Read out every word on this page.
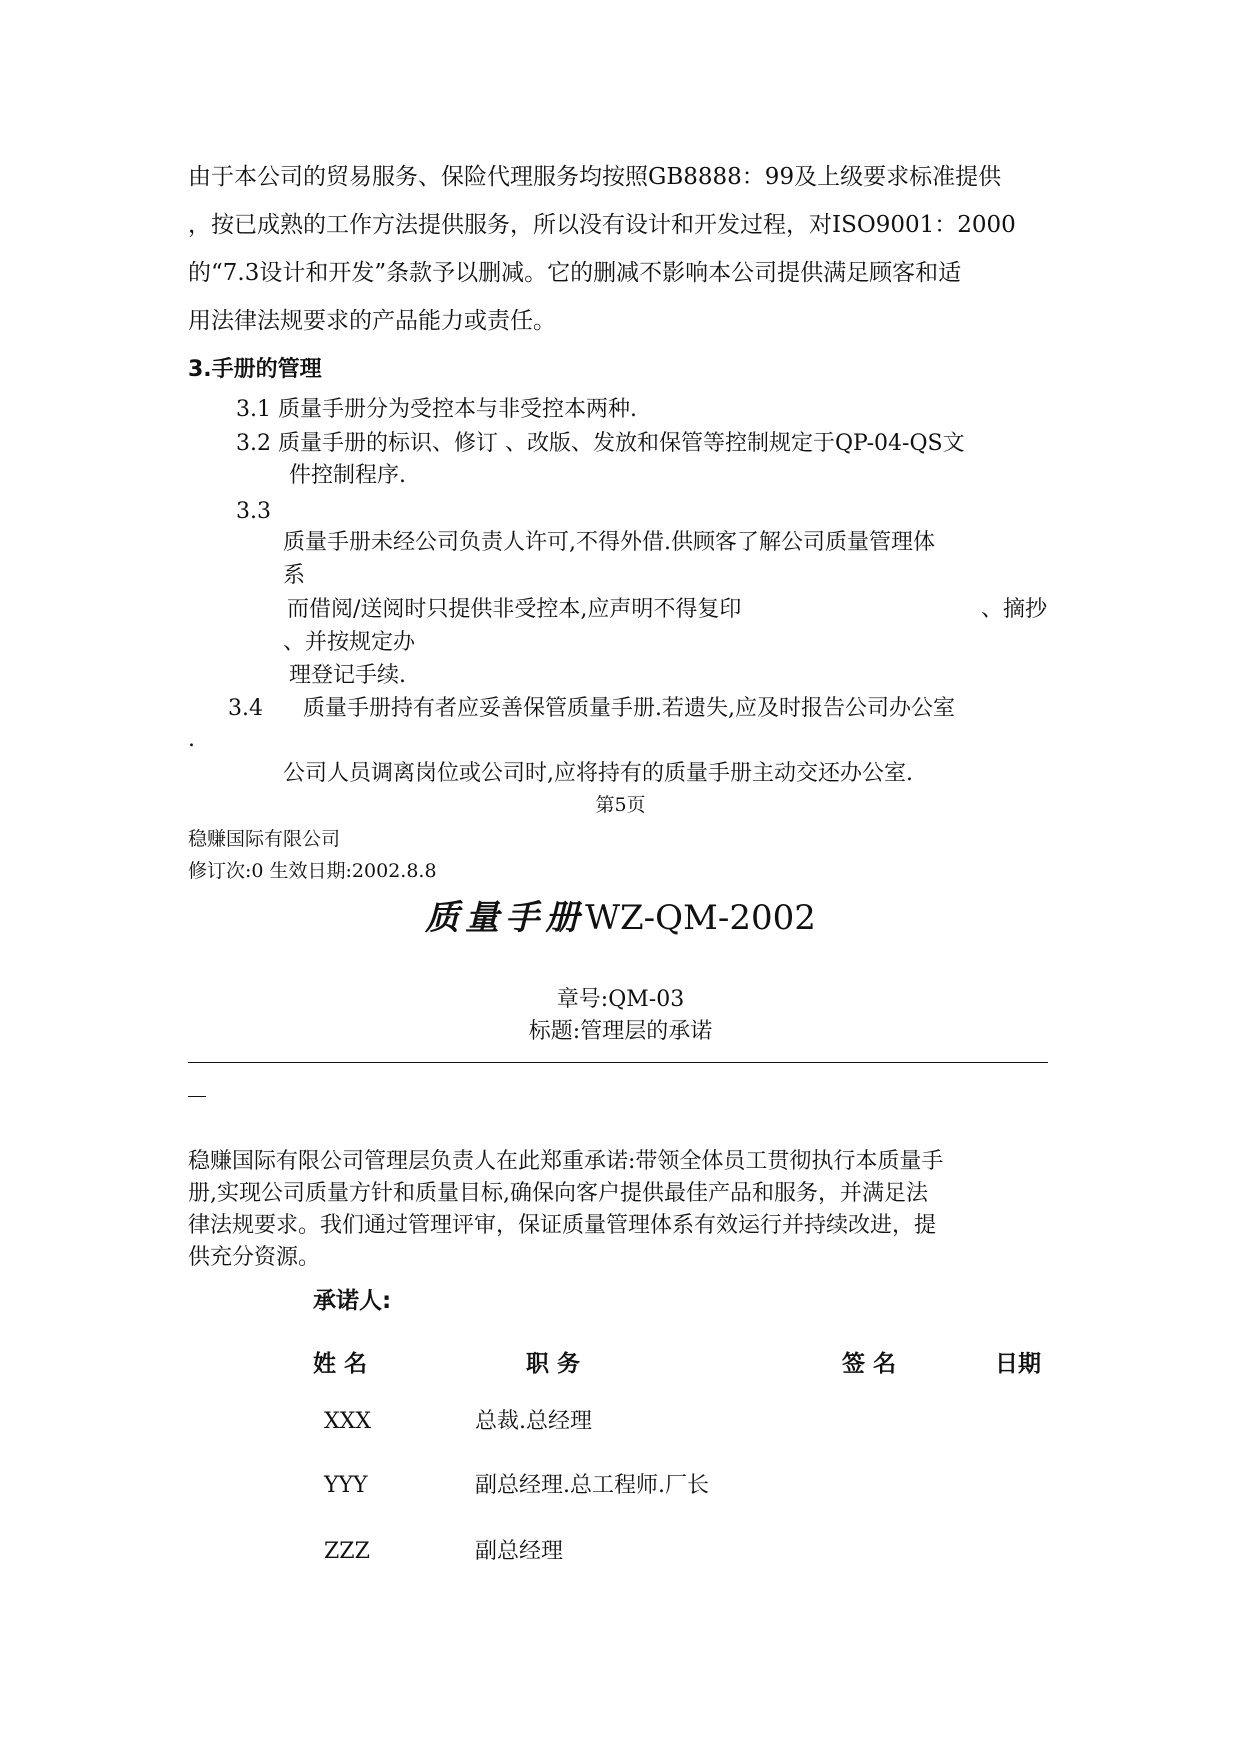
由于本公司的贸易服务、保险代理服务均按照GB8888：99及上级要求标准提供
，按已成熟的工作方法提供服务，所以没有设计和开发过程，对ISO9001：2000
的“7.3设计和开发”条款予以删减。它的删减不影响本公司提供满足顾客和适
用法律法规要求的产品能力或责任。
3.手册的管理
3.1 质量手册分为受控本与非受控本两种.
3.2 质量手册的标识、修订 、改版、发放和保管等控制规定于QP-04-QS文
件控制程序.
3.3
质量手册未经公司负责人许可,不得外借.供顾客了解公司质量管理体
系
而借阅/送阅时只提供非受控本,应声明不得复印	、摘抄
、并按规定办
理登记手续.
3.4 质量手册持有者应妥善保管质量手册.若遗失,应及时报告公司办公室
.
公司人员调离岗位或公司时,应将持有的质量手册主动交还办公室.
第5页
稳赚国际有限公司
修订次:0 生效日期:2002.8.8
质量手册WZ-QM-2002
章号:QM-03
标题:管理层的承诺
稳赚国际有限公司管理层负责人在此郑重承诺:带领全体员工贯彻执行本质量手
册,实现公司质量方针和质量目标,确保向客户提供最佳产品和服务，并满足法
律法规要求。我们通过管理评审，保证质量管理体系有效运行并持续改进，提
供充分资源。
承诺人:
姓 名	职 务	签 名	日期
XXX	总裁.总经理
YYY	副总经理.总工程师.厂长
ZZZ	副总经理
